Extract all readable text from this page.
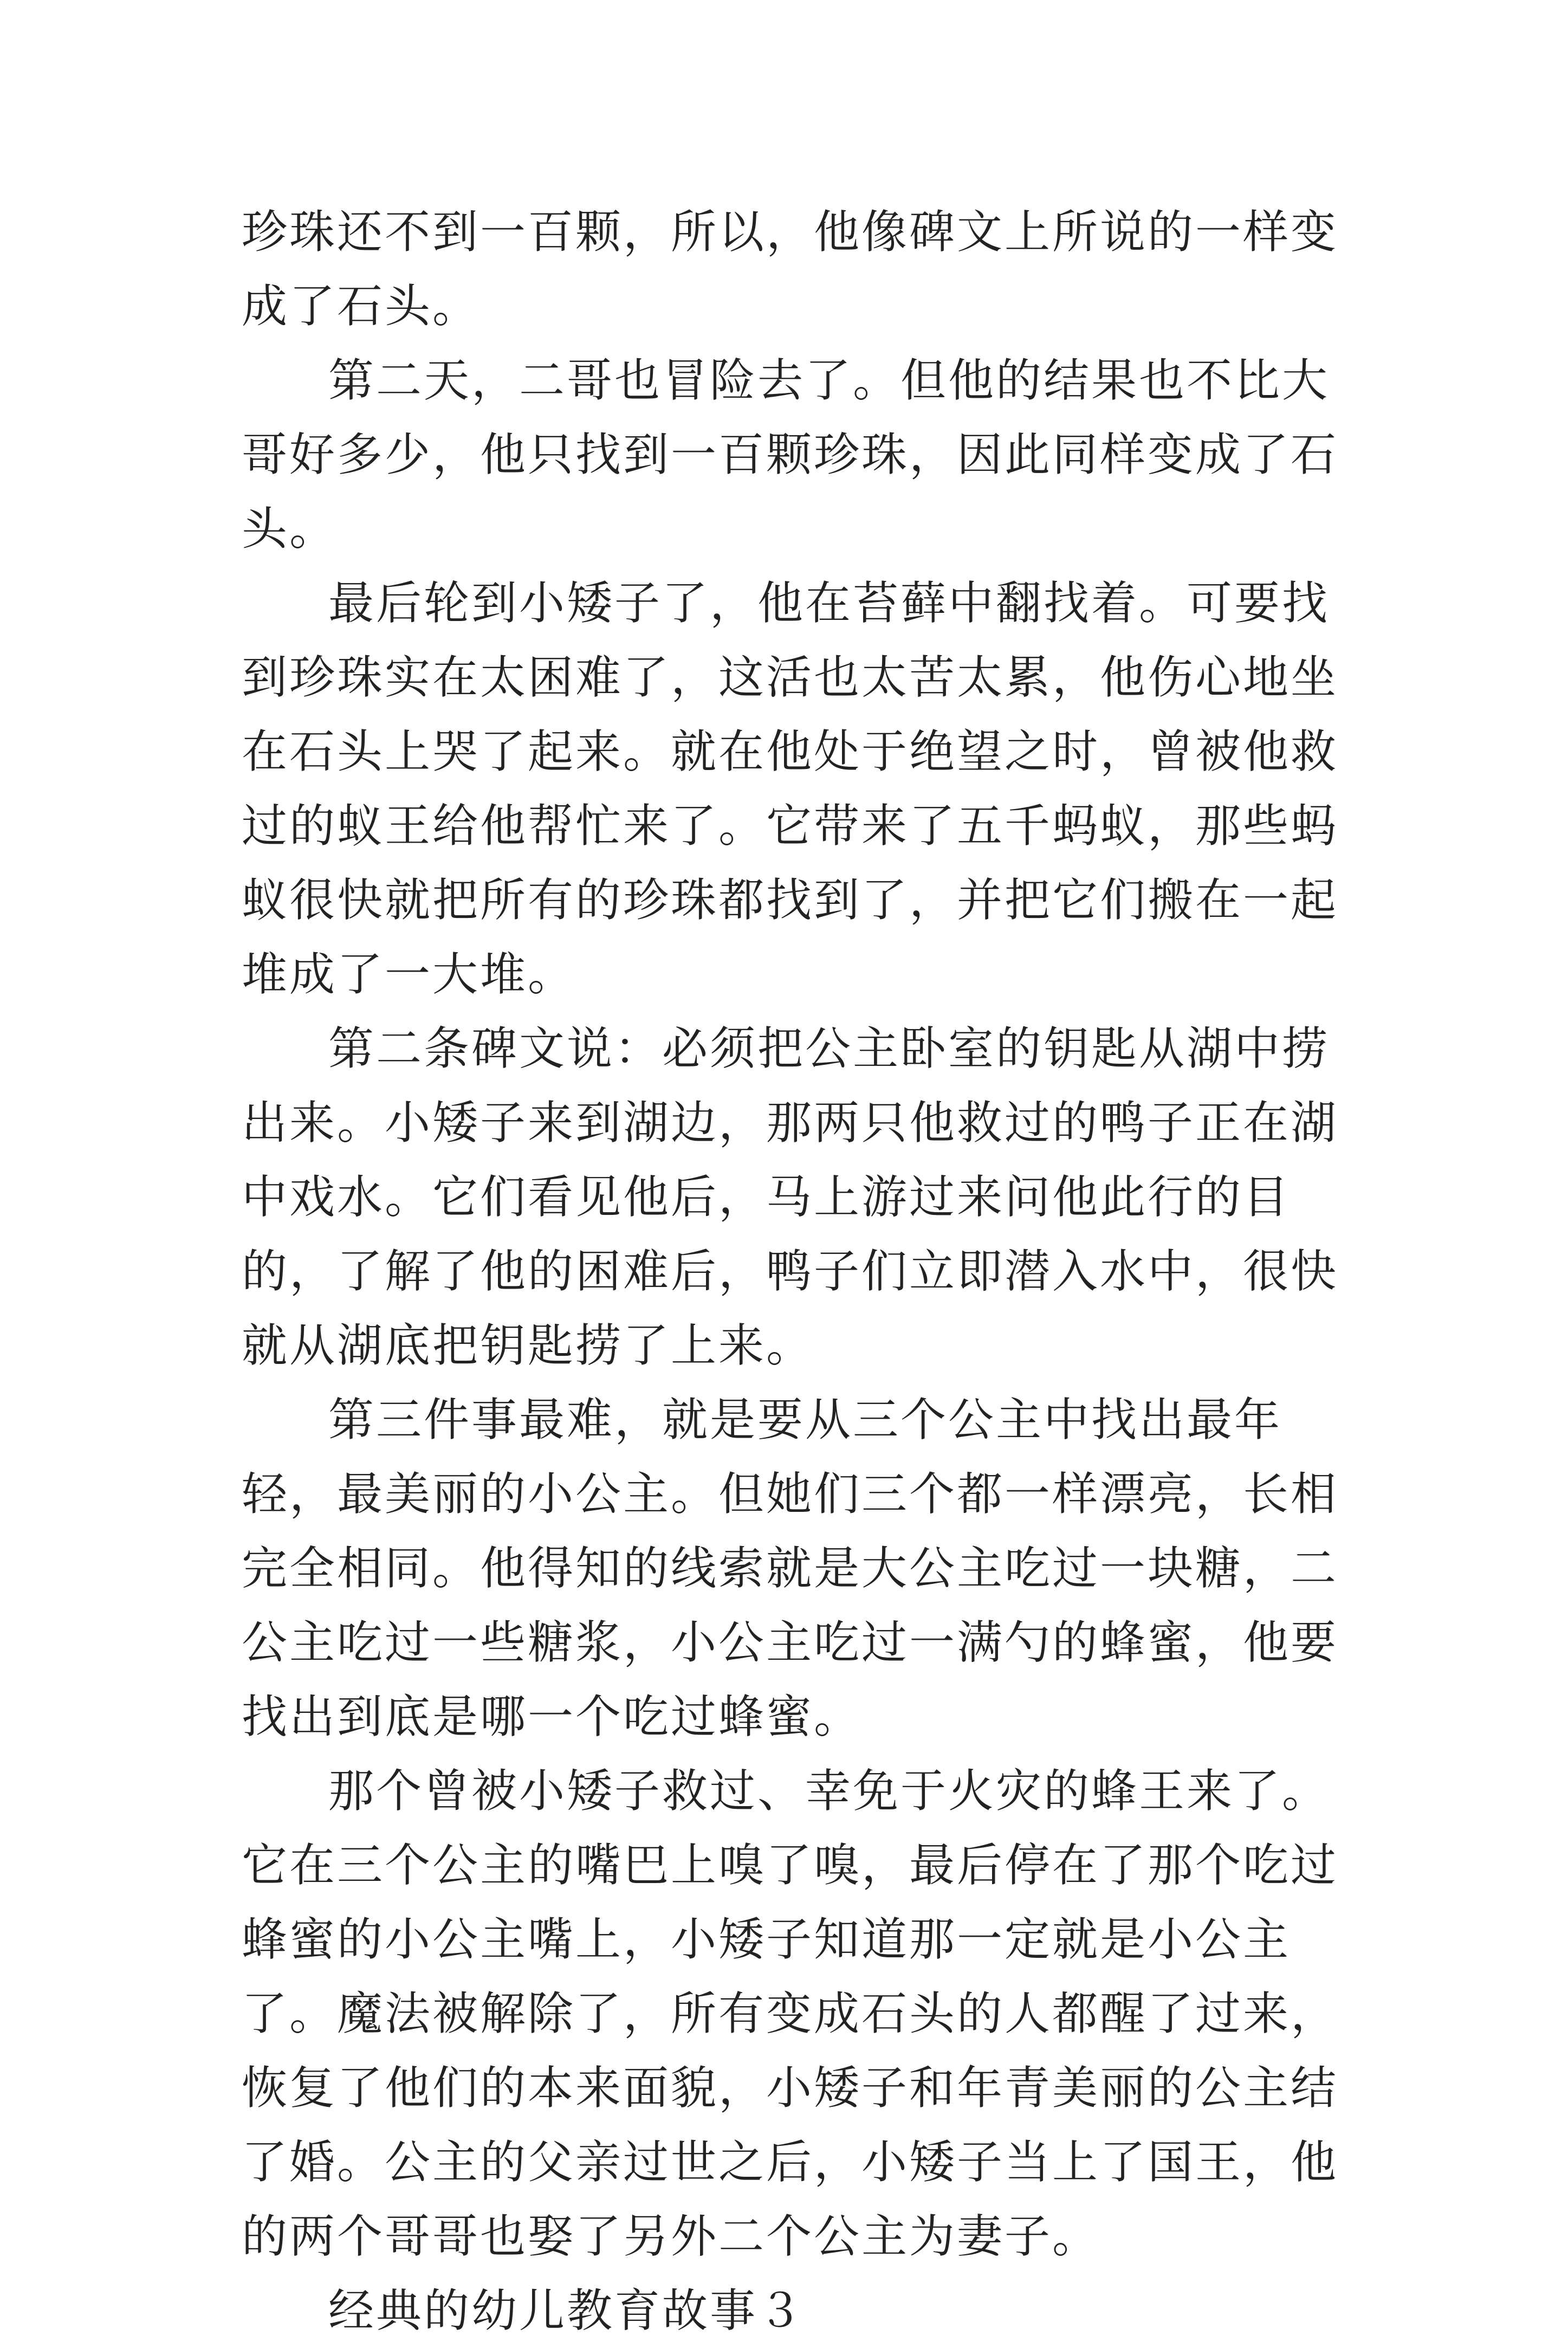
珍珠还不到一百颗，所以，他像碑文上所说的一样变成了石头。

第二天，二哥也冒险去了。但他的结果也不比大哥好多少，他只找到一百颗珍珠，因此同样变成了石头。

最后轮到小矮子了，他在苔藓中翻找着。可要找到珍珠实在太困难了，这活也太苦太累，他伤心地坐在石头上哭了起来。就在他处于绝望之时，曾被他救过的蚁王给他帮忙来了。它带来了五千蚂蚁，那些蚂蚁很快就把所有的珍珠都找到了，并把它们搬在一起堆成了一大堆。

第二条碑文说：必须把公主卧室的钥匙从湖中捞出来。小矮子来到湖边，那两只他救过的鸭子正在湖中戏水。它们看见他后，马上游过来问他此行的目的，了解了他的困难后，鸭子们立即潜入水中，很快就从湖底把钥匙捞了上来。

第三件事最难，就是要从三个公主中找出最年轻，最美丽的小公主。但她们三个都一样漂亮，长相完全相同。他得知的线索就是大公主吃过一块糖，二公主吃过一些糖浆，小公主吃过一满勺的蜂蜜，他要找出到底是哪一个吃过蜂蜜。

那个曾被小矮子救过、幸免于火灾的蜂王来了。它在三个公主的嘴巴上嗅了嗅，最后停在了那个吃过蜂蜜的小公主嘴上，小矮子知道那一定就是小公主了。魔法被解除了，所有变成石头的人都醒了过来，恢复了他们的本来面貌，小矮子和年青美丽的公主结了婚。公主的父亲过世之后，小矮子当上了国王，他的两个哥哥也娶了另外二个公主为妻子。

经典的幼儿教育故事３
